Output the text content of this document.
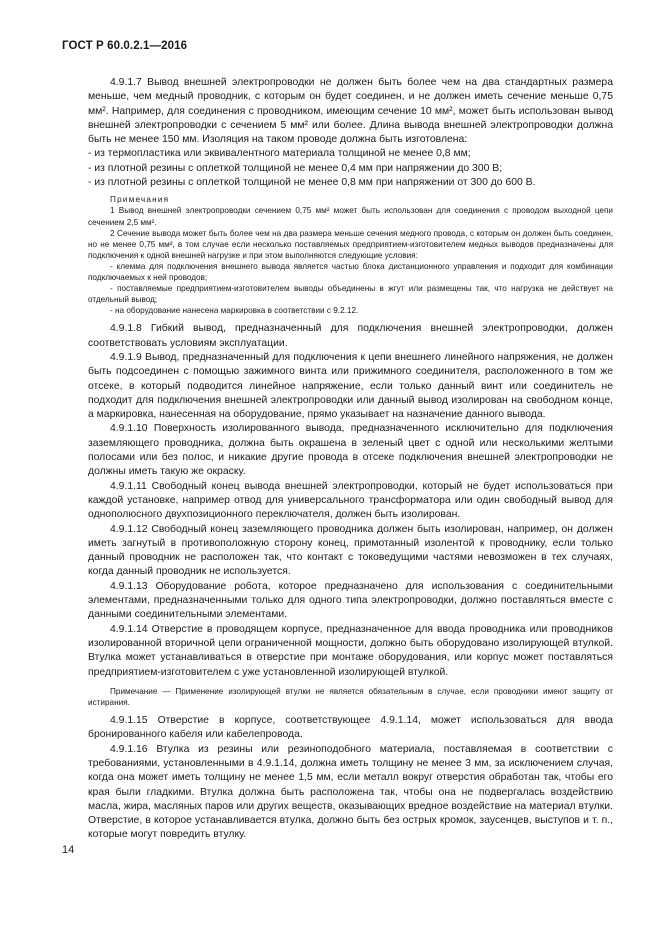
ГОСТ Р 60.0.2.1—2016

4.9.1.7 Вывод внешней электропроводки не должен быть более чем на два стандартных размера меньше, чем медный проводник, с которым он будет соединен, и не должен иметь сечение меньше 0,75 мм². Например, для соединения с проводником, имеющим сечение 10 мм², может быть использован вывод внешней электропроводки с сечением 5 мм² или более. Длина вывода внешней электропроводки должна быть не менее 150 мм. Изоляция на таком проводе должна быть изготовлена:

- из термопластика или эквивалентного материала толщиной не менее 0,8 мм;

- из плотной резины с оплеткой толщиной не менее 0,4 мм при напряжении до 300 В;

- из плотной резины с оплеткой толщиной не менее 0,8 мм при напряжении от 300 до 600 В.

Примечания

1 Вывод внешней электропроводки сечением 0,75 мм² может быть использован для соединения с проводом выходной цепи сечением 2,5 мм².

2 Сечение вывода может быть более чем на два размера меньше сечения медного провода, с которым он должен быть соединен, но не менее 0,75 мм², в том случае если несколько поставляемых предприятием-изготовителем медных выводов предназначены для подключения к одной внешней нагрузке и при этом выполняются следующие условия:

- клемма для подключения внешнего вывода является частью блока дистанционного управления и подходит для комбинации подключаемых к ней проводов;

- поставляемые предприятием-изготовителем выводы объединены в жгут или размещены так, что нагрузка не действует на отдельный вывод;

- на оборудование нанесена маркировка в соответствии с 9.2.12.

4.9.1.8 Гибкий вывод, предназначенный для подключения внешней электропроводки, должен соответствовать условиям эксплуатации.

4.9.1.9 Вывод, предназначенный для подключения к цепи внешнего линейного напряжения, не должен быть подсоединен с помощью зажимного винта или прижимного соединителя, расположенного в том же отсеке, в который подводится линейное напряжение, если только данный винт или соединитель не подходит для подключения внешней электропроводки или данный вывод изолирован на свободном конце, а маркировка, нанесенная на оборудование, прямо указывает на назначение данного вывода.

4.9.1.10 Поверхность изолированного вывода, предназначенного исключительно для подключения заземляющего проводника, должна быть окрашена в зеленый цвет с одной или несколькими желтыми полосами или без полос, и никакие другие провода в отсеке подключения внешней электропроводки не должны иметь такую же окраску.

4.9.1.11 Свободный конец вывода внешней электропроводки, который не будет использоваться при каждой установке, например отвод для универсального трансформатора или один свободный вывод для однополюсного двухпозиционного переключателя, должен быть изолирован.

4.9.1.12 Свободный конец заземляющего проводника должен быть изолирован, например, он должен иметь загнутый в противоположную сторону конец, примотанный изолентой к проводнику, если только данный проводник не расположен так, что контакт с токоведущими частями невозможен в тех случаях, когда данный проводник не используется.

4.9.1.13 Оборудование робота, которое предназначено для использования с соединительными элементами, предназначенными только для одного типа электропроводки, должно поставляться вместе с данными соединительными элементами.

4.9.1.14 Отверстие в проводящем корпусе, предназначенное для ввода проводника или проводников изолированной вторичной цепи ограниченной мощности, должно быть оборудовано изолирующей втулкой. Втулка может устанавливаться в отверстие при монтаже оборудования, или корпус может поставляться предприятием-изготовителем с уже установленной изолирующей втулкой.

Примечание — Применение изолирующей втулки не является обязательным в случае, если проводники имеют защиту от истирания.

4.9.1.15 Отверстие в корпусе, соответствующее 4.9.1.14, может использоваться для ввода бронированного кабеля или кабелепровода.

4.9.1.16 Втулка из резины или резиноподобного материала, поставляемая в соответствии с требованиями, установленными в 4.9.1.14, должна иметь толщину не менее 3 мм, за исключением случая, когда она может иметь толщину не менее 1,5 мм, если металл вокруг отверстия обработан так, чтобы его края были гладкими. Втулка должна быть расположена так, чтобы она не подвергалась воздействию масла, жира, масляных паров или других веществ, оказывающих вредное воздействие на материал втулки. Отверстие, в которое устанавливается втулка, должно быть без острых кромок, заусенцев, выступов и т. п., которые могут повредить втулку.

14
